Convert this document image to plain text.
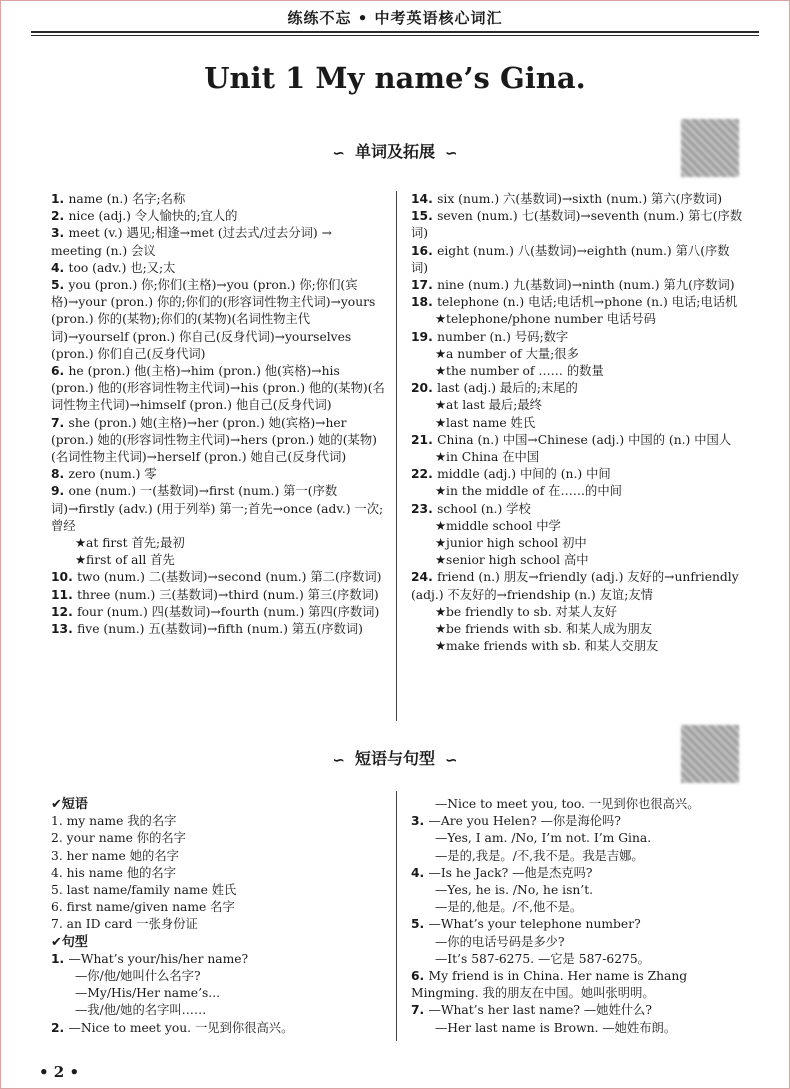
练练不忘 • 中考英语核心词汇
Unit 1 My name’s Gina.
∽ 单词及拓展 ∽

1. name (n.) 名字;名称

2. nice (adj.) 令人愉快的;宜人的

3. meet (v.) 遇见;相逢→met (过去式/过去分词) → meeting (n.) 会议

4. too (adv.) 也;又;太

5. you (pron.) 你;你们(主格)→you (pron.) 你;你们(宾格)→your (pron.) 你的;你们的(形容词性物主代词)→yours (pron.) 你的(某物);你们的(某物)(名词性物主代词)→yourself (pron.) 你自己(反身代词)→yourselves (pron.) 你们自己(反身代词)

6. he (pron.) 他(主格)→him (pron.) 他(宾格)→his (pron.) 他的(形容词性物主代词)→his (pron.) 他的(某物)(名词性物主代词)→himself (pron.) 他自己(反身代词)

7. she (pron.) 她(主格)→her (pron.) 她(宾格)→her (pron.) 她的(形容词性物主代词)→hers (pron.) 她的(某物)(名词性物主代词)→herself (pron.) 她自己(反身代词)

8. zero (num.) 零

9. one (num.) 一(基数词)→first (num.) 第一(序数词)→firstly (adv.) (用于列举) 第一;首先→once (adv.) 一次;曾经

★at first 首先;最初

★first of all 首先

10. two (num.) 二(基数词)→second (num.) 第二(序数词)

11. three (num.) 三(基数词)→third (num.) 第三(序数词)

12. four (num.) 四(基数词)→fourth (num.) 第四(序数词)

13. five (num.) 五(基数词)→fifth (num.) 第五(序数词)

14. six (num.) 六(基数词)→sixth (num.) 第六(序数词)

15. seven (num.) 七(基数词)→seventh (num.) 第七(序数词)

16. eight (num.) 八(基数词)→eighth (num.) 第八(序数词)

17. nine (num.) 九(基数词)→ninth (num.) 第九(序数词)

18. telephone (n.) 电话;电话机→phone (n.) 电话;电话机

★telephone/phone number 电话号码

19. number (n.) 号码;数字

★a number of 大量;很多

★the number of …… 的数量

20. last (adj.) 最后的;末尾的

★at last 最后;最终

★last name 姓氏

21. China (n.) 中国→Chinese (adj.) 中国的 (n.) 中国人

★in China 在中国

22. middle (adj.) 中间的 (n.) 中间

★in the middle of 在……的中间

23. school (n.) 学校

★middle school 中学

★junior high school 初中

★senior high school 高中

24. friend (n.) 朋友→friendly (adj.) 友好的→unfriendly (adj.) 不友好的→friendship (n.) 友谊;友情

★be friendly to sb. 对某人友好

★be friends with sb. 和某人成为朋友

★make friends with sb. 和某人交朋友

∽ 短语与句型 ∽

✔短语

1. my name 我的名字

2. your name 你的名字

3. her name 她的名字

4. his name 他的名字

5. last name/family name 姓氏

6. first name/given name 名字

7. an ID card 一张身份证

✔句型

1. —What’s your/his/her name?

—你/他/她叫什么名字?

—My/His/Her name’s...

—我/他/她的名字叫……

2. —Nice to meet you. 一见到你很高兴。

—Nice to meet you, too. 一见到你也很高兴。

3. —Are you Helen? —你是海伦吗?

—Yes, I am. /No, I’m not. I’m Gina.

—是的,我是。/不,我不是。我是吉娜。

4. —Is he Jack? —他是杰克吗?

—Yes, he is. /No, he isn’t.

—是的,他是。/不,他不是。

5. —What’s your telephone number?

—你的电话号码是多少?

—It’s 587-6275. —它是 587-6275。

6. My friend is in China. Her name is Zhang Mingming. 我的朋友在中国。她叫张明明。

7. —What’s her last name? —她姓什么?

—Her last name is Brown. —她姓布朗。

• 2 •
